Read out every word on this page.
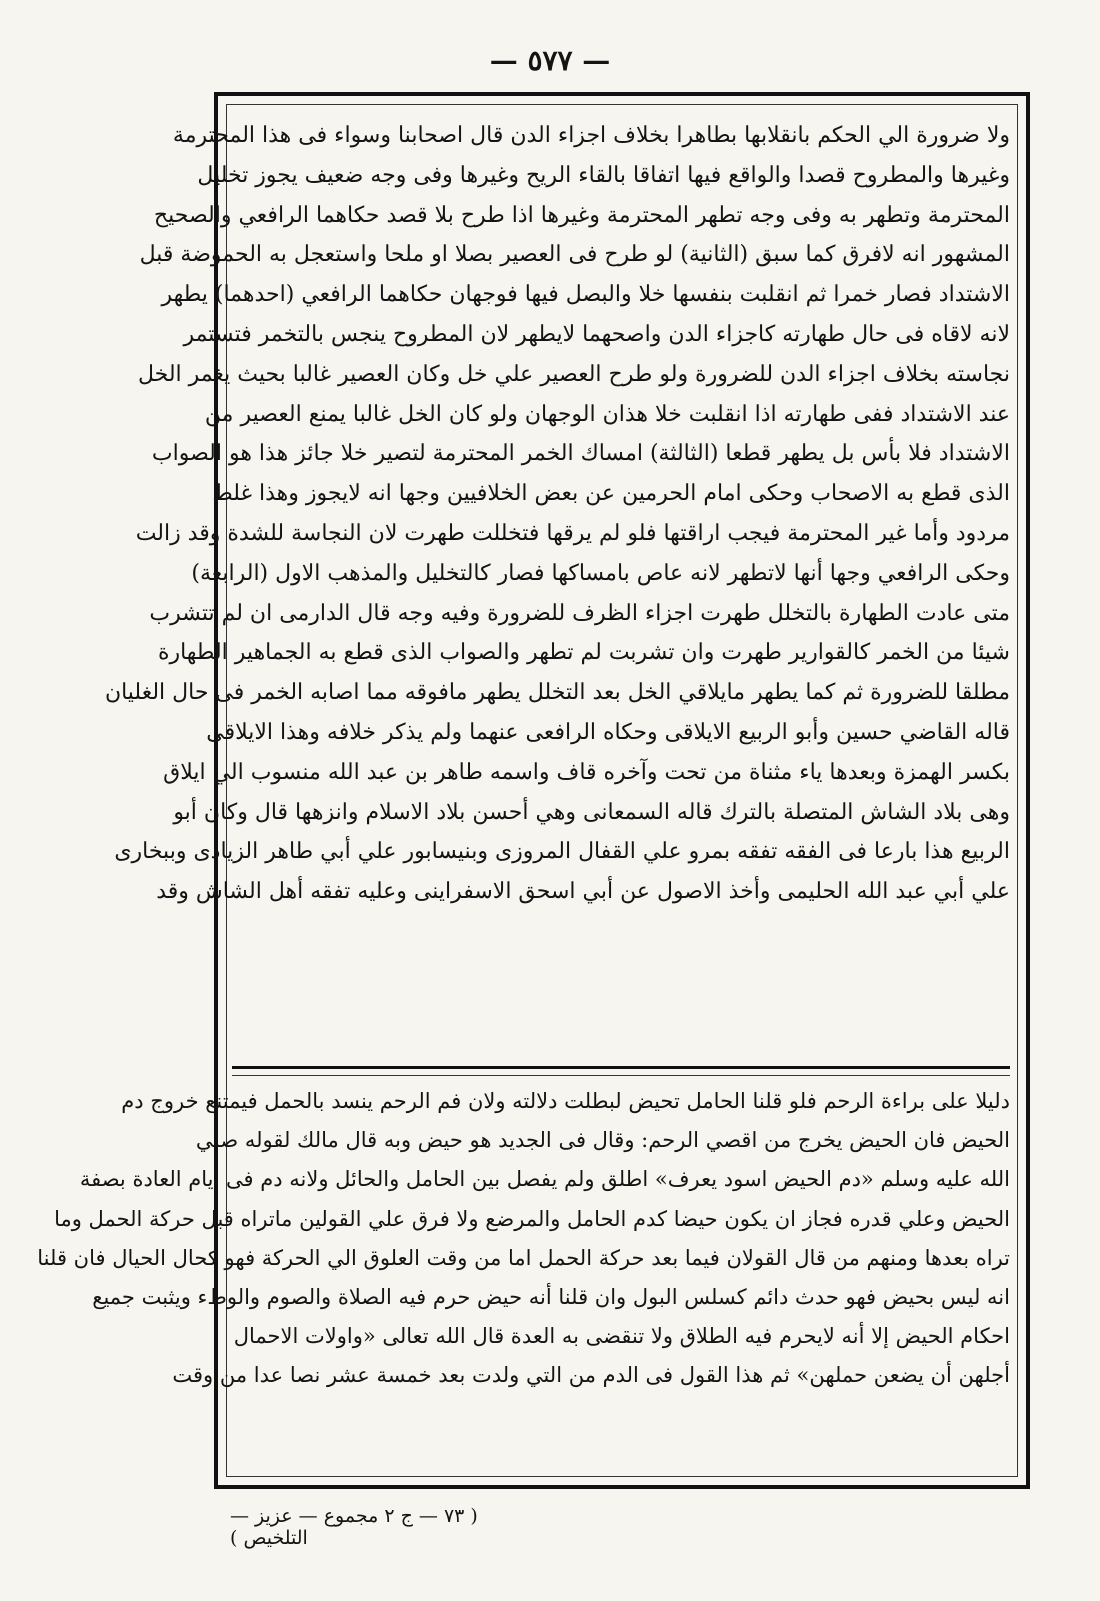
— ٥٧٧ —
ولا ضرورة الي الحكم بانقلابها بطاهرا بخلاف اجزاء الدن قال اصحابنا وسواء فى هذا المحترمة
وغيرها والمطروح قصدا والواقع فيها اتفاقا بالقاء الريح وغيرها وفى وجه ضعيف يجوز تخليل
المحترمة وتطهر به وفى وجه تطهر المحترمة وغيرها اذا طرح بلا قصد حكاهما الرافعي والصحيح
المشهور انه لافرق كما سبق (الثانية) لو طرح فى العصير بصلا او ملحا واستعجل به الحموضة قبل
الاشتداد فصار خمرا ثم انقلبت بنفسها خلا والبصل فيها فوجهان حكاهما الرافعي (احدهما) يطهر
لانه لاقاه فى حال طهارته كاجزاء الدن واصحهما لايطهر لان المطروح ينجس بالتخمر فتستمر
نجاسته بخلاف اجزاء الدن للضرورة ولو طرح العصير علي خل وكان العصير غالبا بحيث يغمر الخل
عند الاشتداد ففى طهارته اذا انقلبت خلا هذان الوجهان ولو كان الخل غالبا يمنع العصير من
الاشتداد فلا بأس بل يطهر قطعا (الثالثة) امساك الخمر المحترمة لتصير خلا جائز هذا هو الصواب
الذى قطع به الاصحاب وحكى امام الحرمين عن بعض الخلافيين وجها انه لايجوز وهذا غلط
مردود وأما غير المحترمة فيجب اراقتها فلو لم يرقها فتخللت طهرت لان النجاسة للشدة وقد زالت
وحكى الرافعي وجها أنها لاتطهر لانه عاص بامساكها فصار كالتخليل والمذهب الاول (الرابعة)
متى عادت الطهارة بالتخلل طهرت اجزاء الظرف للضرورة وفيه وجه قال الدارمى ان لم تتشرب
شيئا من الخمر كالقوارير طهرت وان تشربت لم تطهر والصواب الذى قطع به الجماهير الطهارة
مطلقا للضرورة ثم كما يطهر مايلاقي الخل بعد التخلل يطهر مافوقه مما اصابه الخمر فى حال الغليان
قاله القاضي حسين وأبو الربيع الايلاقى وحكاه الرافعى عنهما ولم يذكر خلافه وهذا الايلاقى
بكسر الهمزة وبعدها ياء مثناة من تحت وآخره قاف واسمه طاهر بن عبد الله منسوب الي ايلاق
وهى بلاد الشاش المتصلة بالترك قاله السمعانى وهي أحسن بلاد الاسلام وانزهها قال وكان أبو
الربيع هذا بارعا فى الفقه تفقه بمرو علي القفال المروزى وبنيسابور علي أبي طاهر الزيادى وببخارى
علي أبي عبد الله الحليمى وأخذ الاصول عن أبي اسحق الاسفراينى وعليه تفقه أهل الشاش وقد
دليلا على براءة الرحم فلو قلنا الحامل تحيض لبطلت دلالته ولان فم الرحم ينسد بالحمل فيمتنع خروج دم
الحيض فان الحيض يخرج من اقصي الرحم: وقال فى الجديد هو حيض وبه قال مالك لقوله صلي
الله عليه وسلم «دم الحيض اسود يعرف» اطلق ولم يفصل بين الحامل والحائل ولانه دم فى ايام العادة بصفة
الحيض وعلي قدره فجاز ان يكون حيضا كدم الحامل والمرضع ولا فرق علي القولين ماتراه قبل حركة الحمل وما
تراه بعدها ومنهم من قال القولان فيما بعد حركة الحمل اما من وقت العلوق الي الحركة فهو كحال الحيال فان قلنا
انه ليس بحيض فهو حدث دائم كسلس البول وان قلنا أنه حيض حرم فيه الصلاة والصوم والوطء ويثبت جميع
احكام الحيض إلا أنه لايحرم فيه الطلاق ولا تنقضى به العدة قال الله تعالى «واولات الاحمال
أجلهن أن يضعن حملهن» ثم هذا القول فى الدم من التي ولدت بعد خمسة عشر نصا عدا من وقت
( ٧٣ — ج ٢ مجموع — عزيز — التلخيص )
